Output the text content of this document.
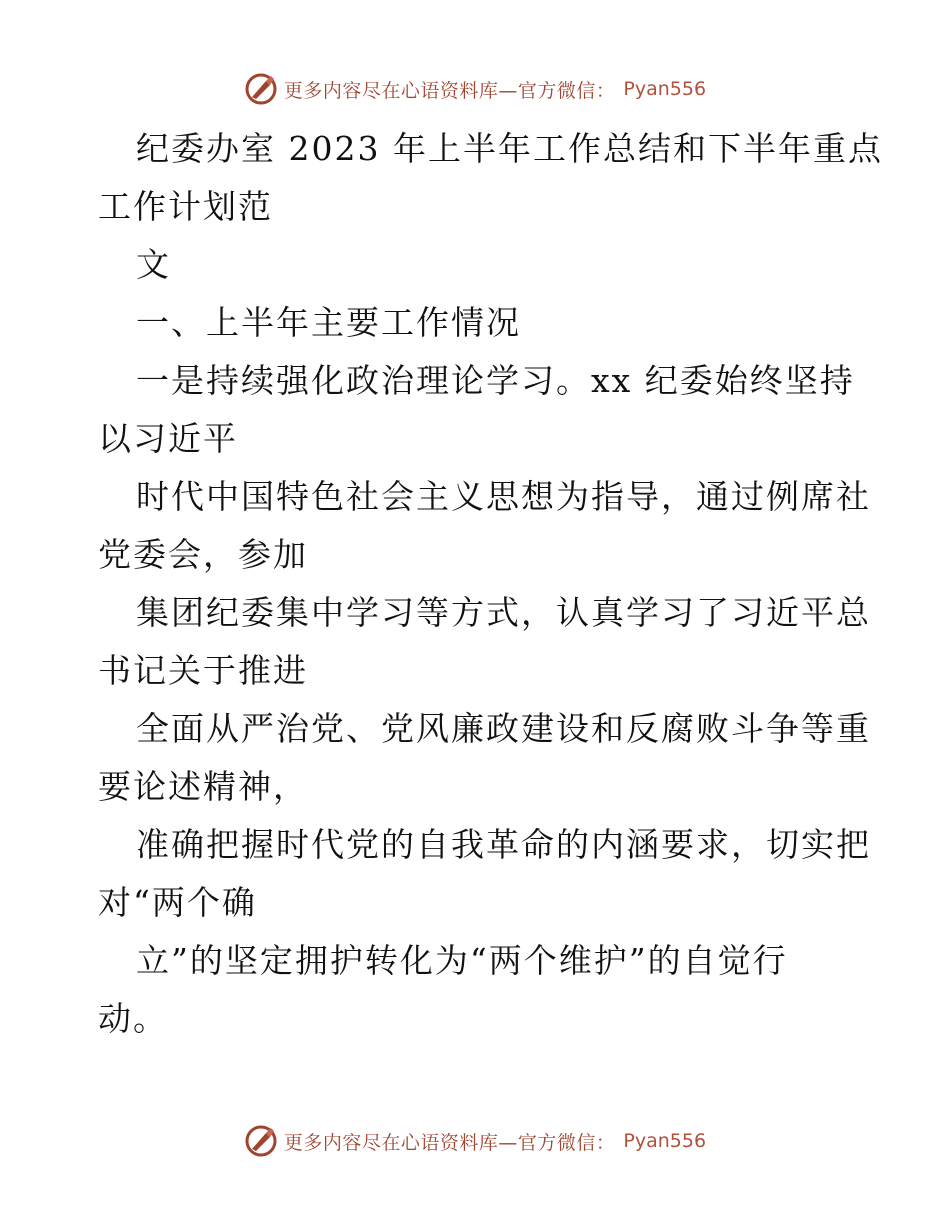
更多内容尽在心语资料库—官方微信： Pyan556
纪委办室 2023 年上半年工作总结和下半年重点
工作计划范
文
一、上半年主要工作情况
一是持续强化政治理论学习。xx 纪委始终坚持
以习近平
时代中国特色社会主义思想为指导，通过例席社
党委会，参加
集团纪委集中学习等方式，认真学习了习近平总
书记关于推进
全面从严治党、党风廉政建设和反腐败斗争等重
要论述精神，
准确把握时代党的自我革命的内涵要求，切实把
对“两个确
立”的坚定拥护转化为“两个维护”的自觉行
动。
更多内容尽在心语资料库—官方微信： Pyan556
